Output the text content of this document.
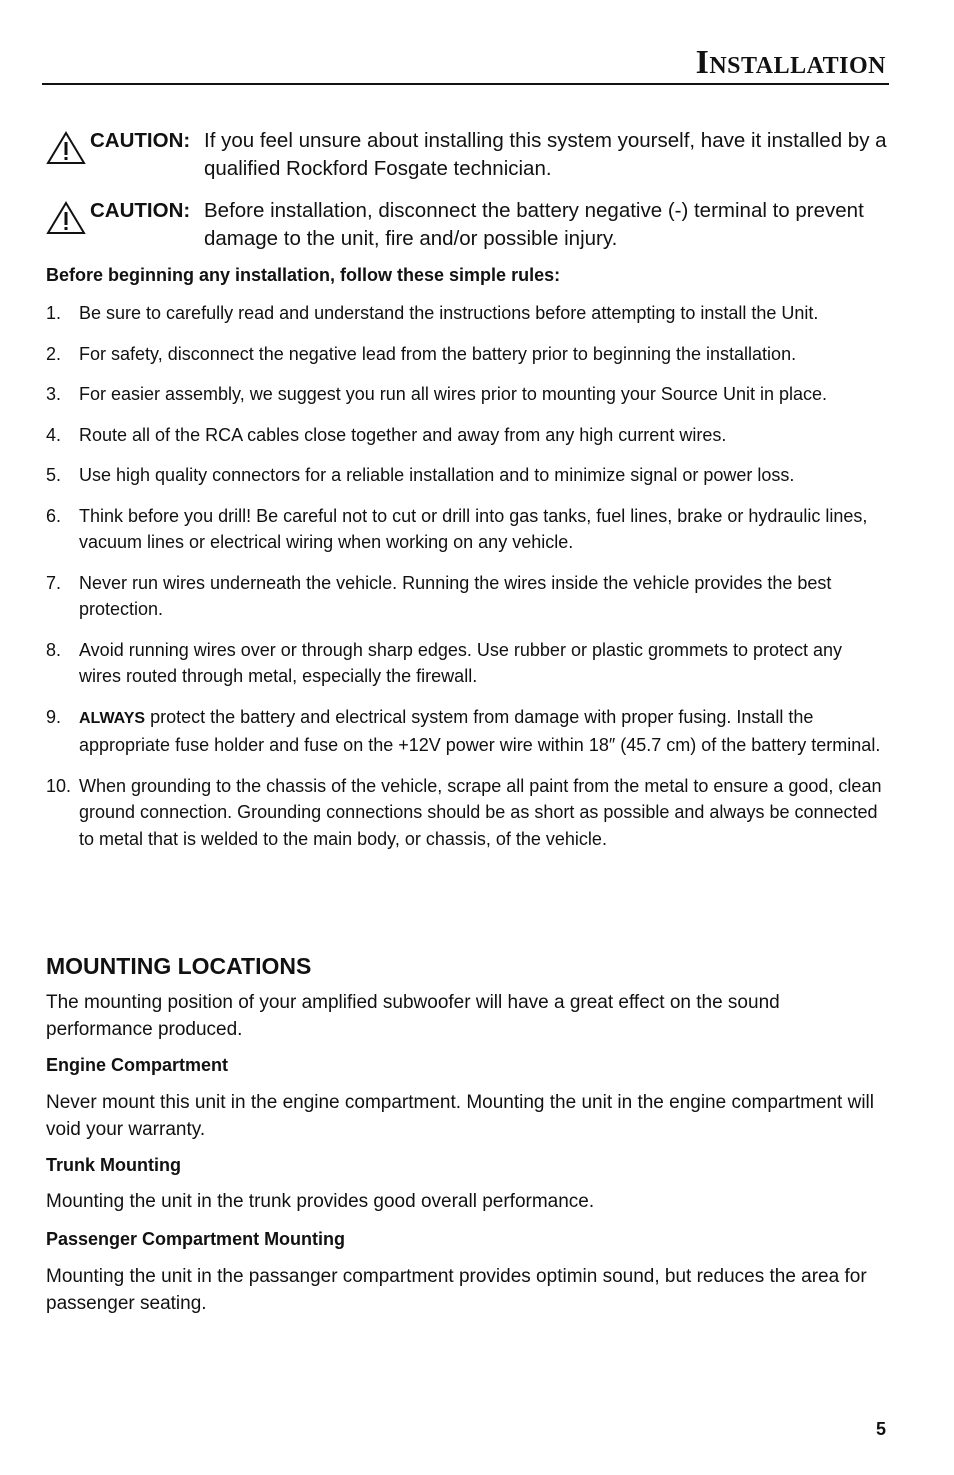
Installation
CAUTION: If you feel unsure about installing this system yourself, have it installed by a qualified Rockford Fosgate technician.
CAUTION: Before installation, disconnect the battery negative (-) terminal to prevent damage to the unit, fire and/or possible injury.
Before beginning any installation, follow these simple rules:
1. Be sure to carefully read and understand the instructions before attempting to install the Unit.
2. For safety, disconnect the negative lead from the battery prior to beginning the installation.
3. For easier assembly, we suggest you run all wires prior to mounting your Source Unit in place.
4. Route all of the RCA cables close together and away from any high current wires.
5. Use high quality connectors for a reliable installation and to minimize signal or power loss.
6. Think before you drill! Be careful not to cut or drill into gas tanks, fuel lines, brake or hydraulic lines, vacuum lines or electrical wiring when working on any vehicle.
7. Never run wires underneath the vehicle. Running the wires inside the vehicle provides the best protection.
8. Avoid running wires over or through sharp edges. Use rubber or plastic grommets to protect any wires routed through metal, especially the firewall.
9. ALWAYS protect the battery and electrical system from damage with proper fusing. Install the appropriate fuse holder and fuse on the +12V power wire within 18″ (45.7 cm) of the battery terminal.
10. When grounding to the chassis of the vehicle, scrape all paint from the metal to ensure a good, clean ground connection. Grounding connections should be as short as possible and always be connected to metal that is welded to the main body, or chassis, of the vehicle.
MOUNTING LOCATIONS

The mounting position of your amplified subwoofer will have a great effect on the sound performance produced.

Engine Compartment

Never mount this unit in the engine compartment. Mounting the unit in the engine compartment will void your warranty.

Trunk Mounting

Mounting the unit in the trunk provides good overall performance.

Passenger Compartment Mounting

Mounting the unit in the passanger compartment provides optimin sound, but reduces the area for passenger seating.

5
